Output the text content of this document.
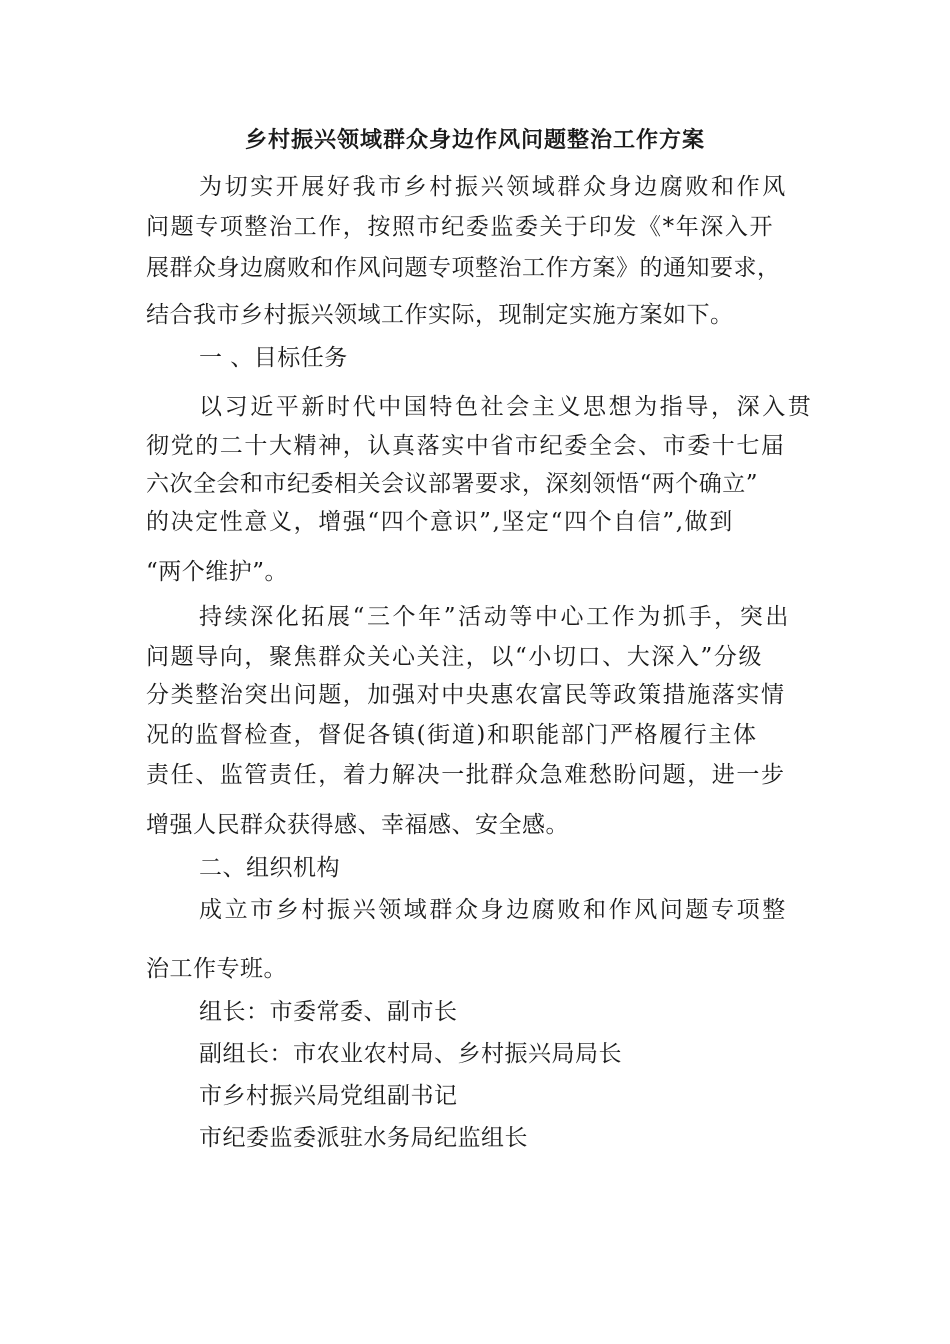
乡村振兴领域群众身边作风问题整治工作方案
为切实开展好我市乡村振兴领域群众身边腐败和作风
问题专项整治工作，按照市纪委监委关于印发《*年深入开
展群众身边腐败和作风问题专项整治工作方案》的通知要求，
结合我市乡村振兴领域工作实际，现制定实施方案如下。
一 、目标任务
以习近平新时代中国特色社会主义思想为指导，深入贯
彻党的二十大精神，认真落实中省市纪委全会、市委十七届
六次全会和市纪委相关会议部署要求，深刻领悟“两个确立”
的决定性意义，增强“四个意识”,坚定“四个自信”,做到
“两个维护”。
持续深化拓展“三个年”活动等中心工作为抓手，突出
问题导向，聚焦群众关心关注，以“小切口、大深入”分级
分类整治突出问题，加强对中央惠农富民等政策措施落实情
况的监督检查，督促各镇(街道)和职能部门严格履行主体
责任、监管责任，着力解决一批群众急难愁盼问题，进一步
增强人民群众获得感、幸福感、安全感。
二、组织机构
成立市乡村振兴领域群众身边腐败和作风问题专项整
治工作专班。
组长：市委常委、副市长
副组长：市农业农村局、乡村振兴局局长
市乡村振兴局党组副书记
市纪委监委派驻水务局纪监组长
